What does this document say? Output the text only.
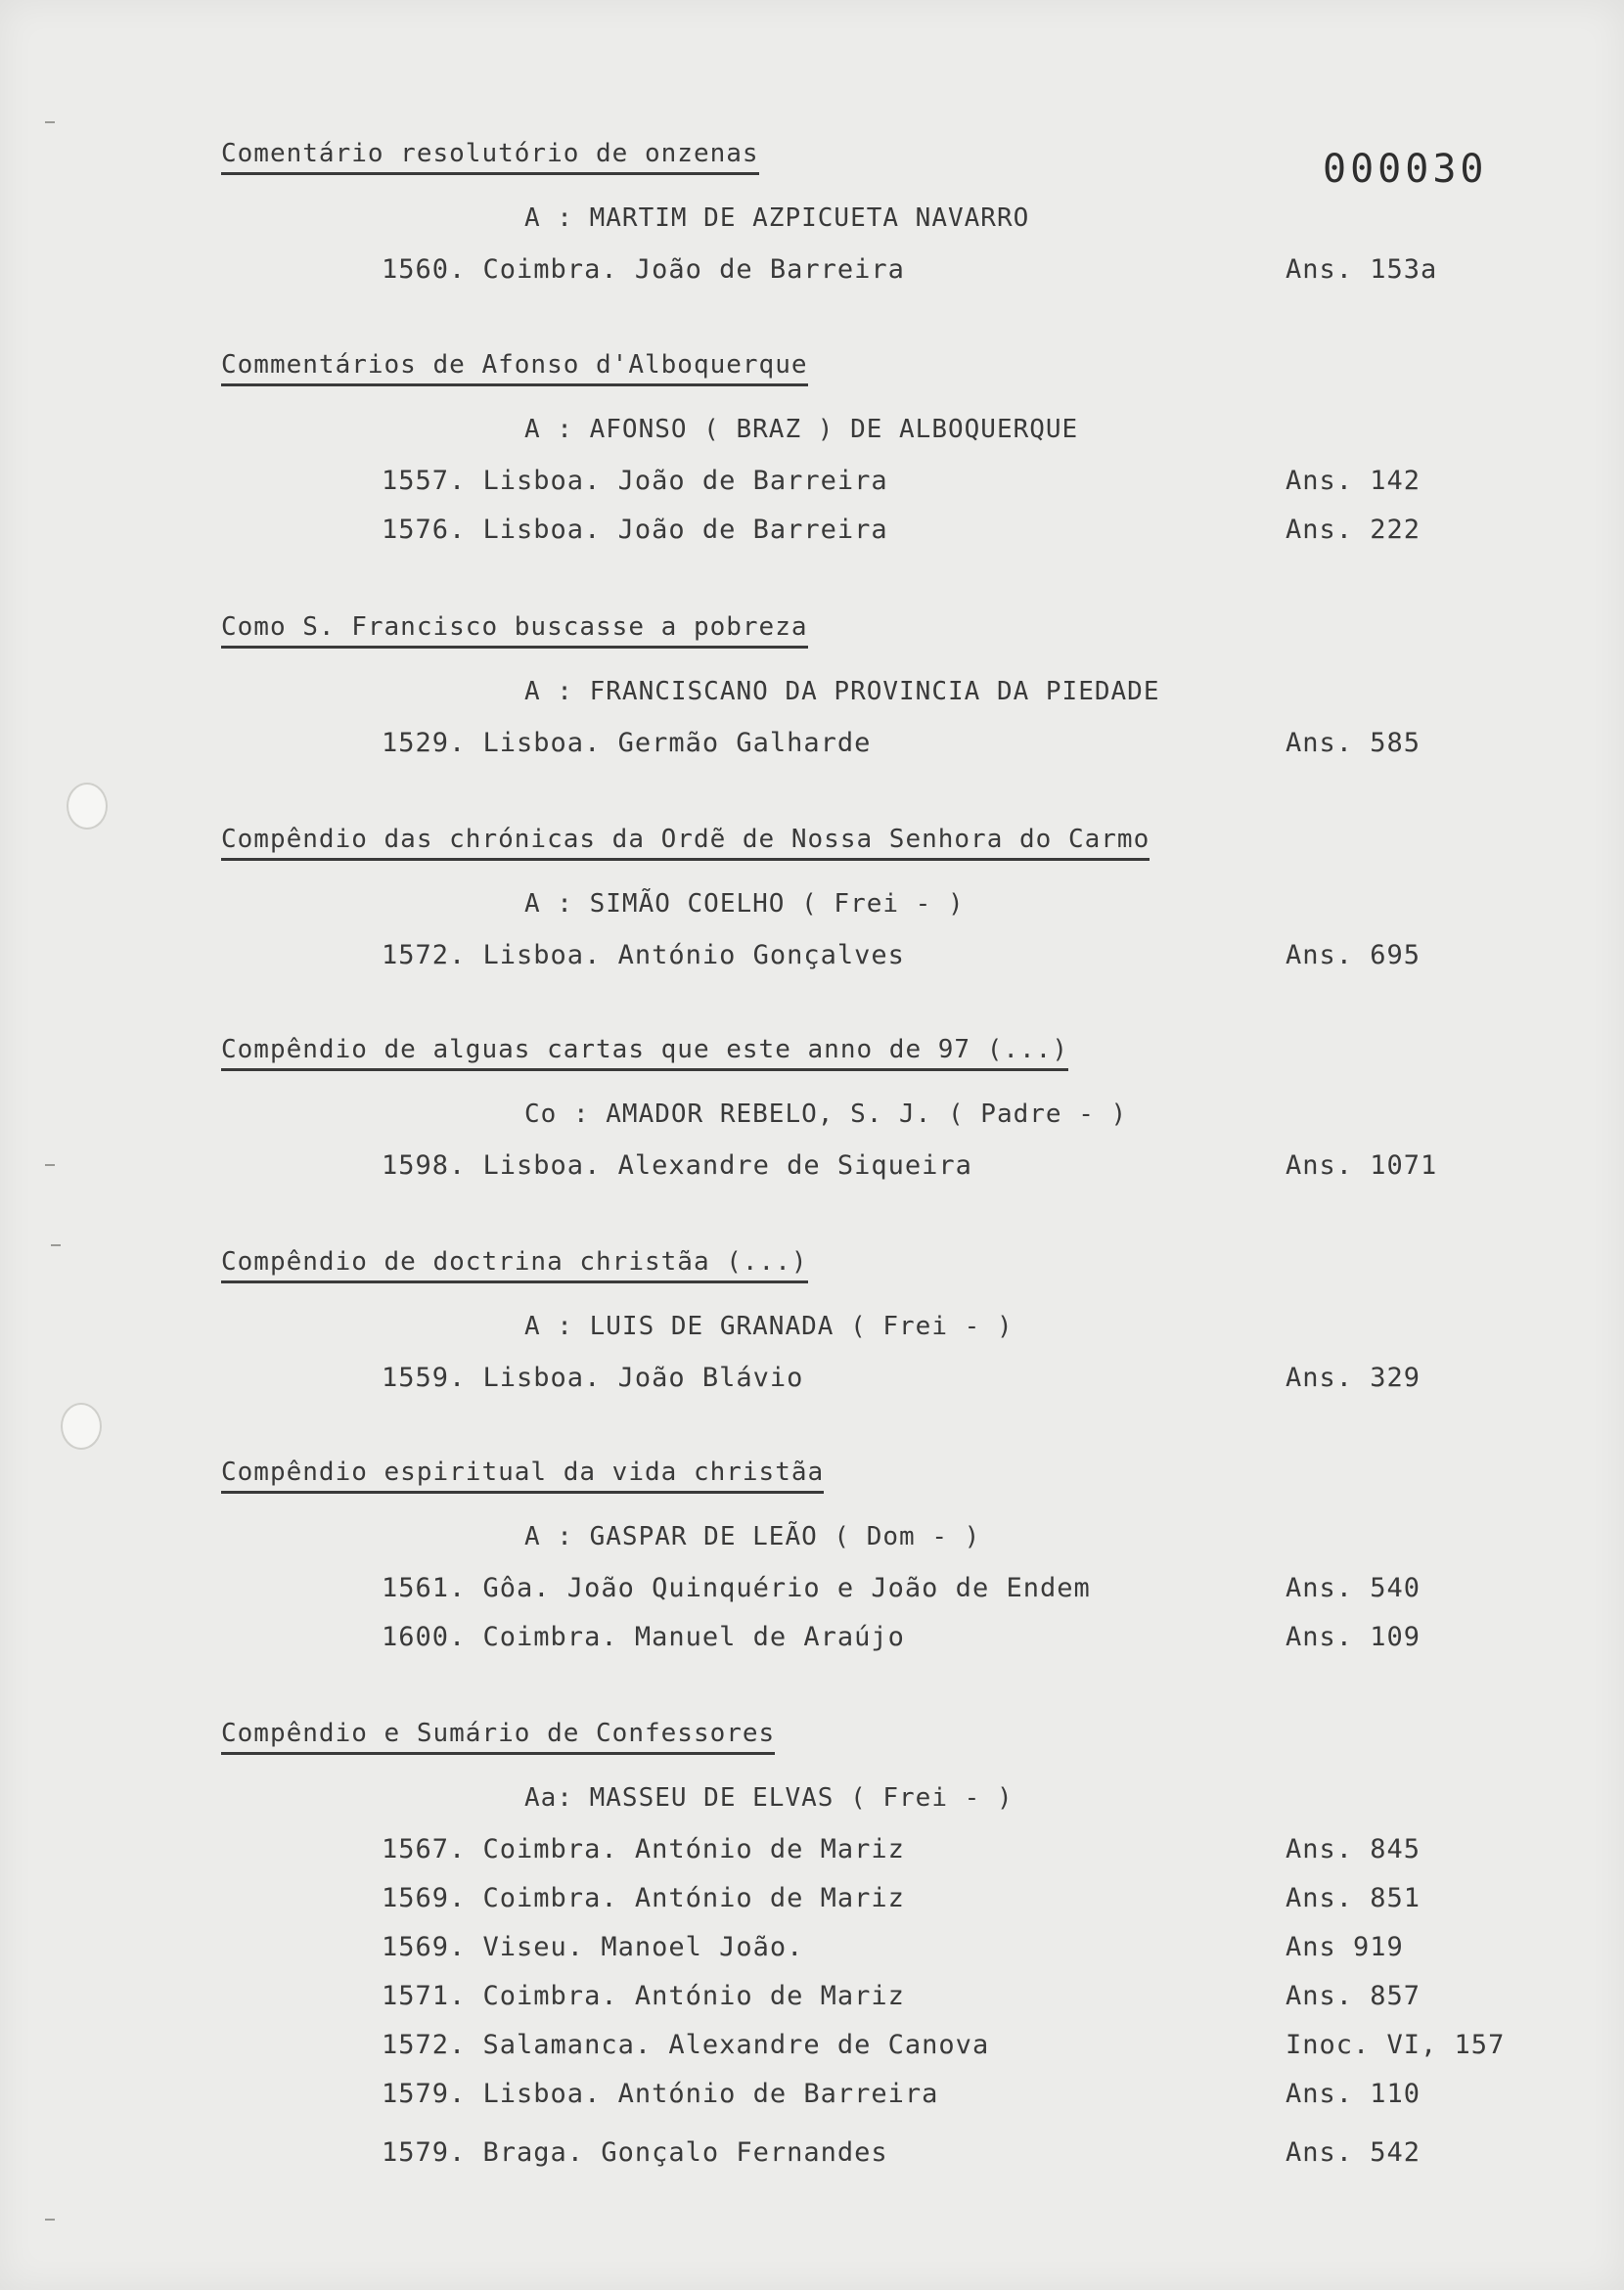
000030
Comentário resolutório de onzenas
A : MARTIM DE AZPICUETA NAVARRO
1560. Coimbra. João de Barreira	Ans. 153a
Commentários de Afonso d'Alboquerque
A : AFONSO ( BRAZ ) DE ALBOQUERQUE
1557. Lisboa. João de Barreira	Ans. 142
1576. Lisboa. João de Barreira	Ans. 222
Como S. Francisco buscasse a pobreza
A : FRANCISCANO DA PROVINCIA DA PIEDADE
1529. Lisboa. Germão Galharde	Ans. 585
Compêndio das chrónicas da Ordẽ de Nossa Senhora do Carmo
A : SIMÃO COELHO ( Frei - )
1572. Lisboa. António Gonçalves	Ans. 695
Compêndio de alguas cartas que este anno de 97 (...)
Co : AMADOR REBELO, S. J. ( Padre - )
1598. Lisboa. Alexandre de Siqueira	Ans. 1071
Compêndio de doctrina christãa (...)
A : LUIS DE GRANADA ( Frei - )
1559. Lisboa. João Blávio	Ans. 329
Compêndio espiritual da vida christãa
A : GASPAR DE LEÃO ( Dom - )
1561. Gôa. João Quinquério e João de Endem	Ans. 540
1600. Coimbra. Manuel de Araújo	Ans. 109
Compêndio e Sumário de Confessores
Aa: MASSEU DE ELVAS ( Frei - )
1567. Coimbra. António de Mariz	Ans. 845
1569. Coimbra. António de Mariz	Ans. 851
1569. Viseu. Manoel João.	Ans 919
1571. Coimbra. António de Mariz	Ans. 857
1572. Salamanca. Alexandre de Canova	Inoc. VI, 157
1579. Lisboa. António de Barreira	Ans. 110
1579. Braga. Gonçalo Fernandes	Ans. 542
